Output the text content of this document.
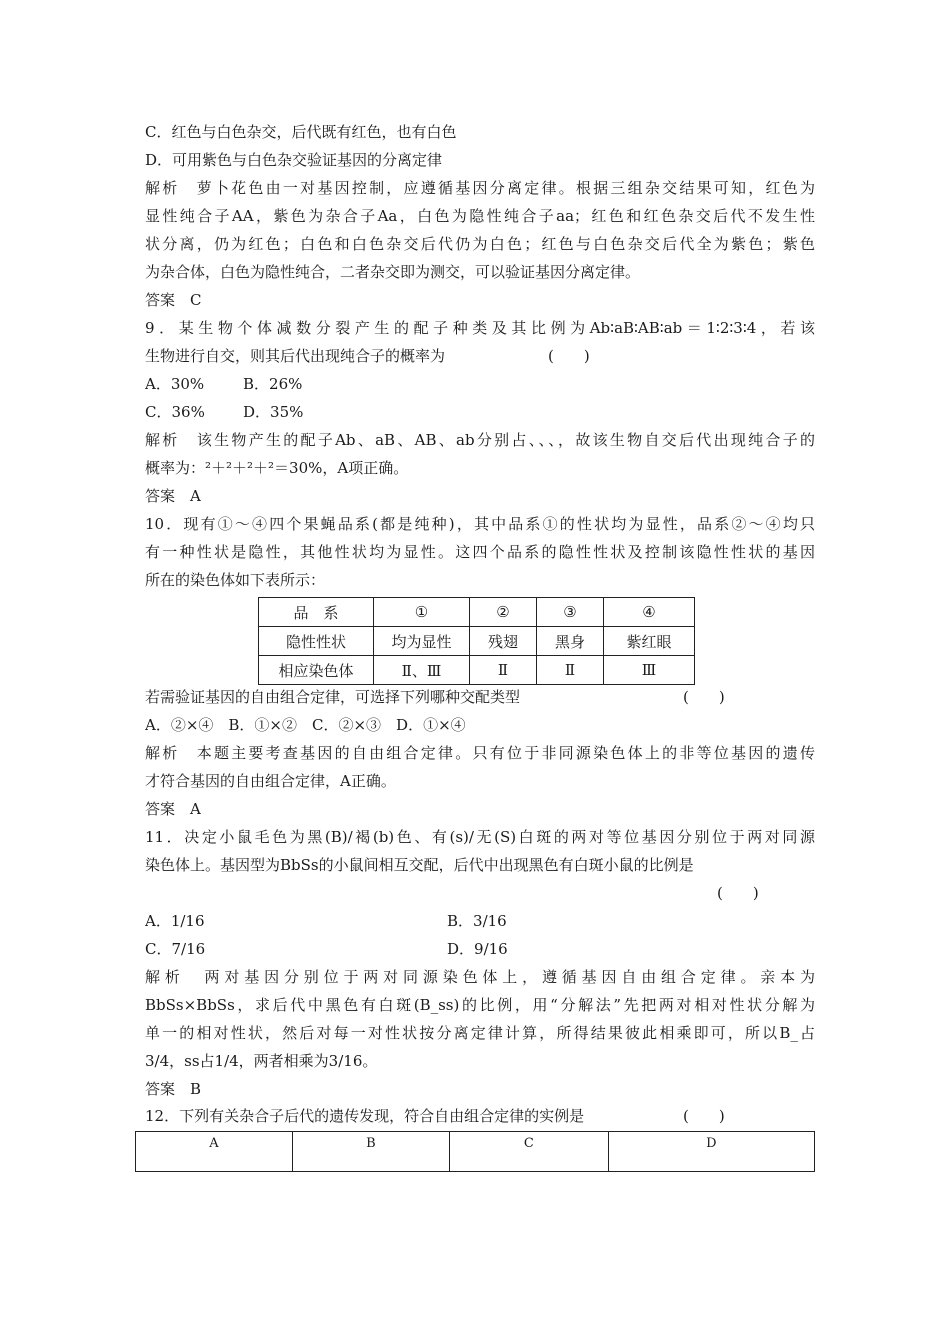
C．红色与白色杂交，后代既有红色，也有白色
D．可用紫色与白色杂交验证基因的分离定律
解析　萝卜花色由一对基因控制，应遵循基因分离定律。根据三组杂交结果可知，红色为
显性纯合子AA，紫色为杂合子Aa，白色为隐性纯合子aa；红色和红色杂交后代不发生性
状分离，仍为红色；白色和白色杂交后代仍为白色；红色与白色杂交后代全为紫色；紫色
为杂合体，白色为隐性纯合，二者杂交即为测交，可以验证基因分离定律。
答案　C
9．某生物个体减数分裂产生的配子种类及其比例为Ab∶aB∶AB∶ab＝1∶2∶3∶4，若该
生物进行自交，则其后代出现纯合子的概率为	(　　)
A．30%	B．26%
C．36%	D．35%
解析　该生物产生的配子Ab、aB、AB、ab分别占、、、，故该生物自交后代出现纯合子的
概率为：²＋²＋²＋²＝30%，A项正确。
答案　A
10．现有①～④四个果蝇品系(都是纯种)，其中品系①的性状均为显性，品系②～④均只
有一种性状是隐性，其他性状均为显性。这四个品系的隐性性状及控制该隐性性状的基因
所在的染色体如下表所示：
品　系	①	②	③	④
隐性性状	均为显性	残翅	黑身	紫红眼
相应染色体	Ⅱ、Ⅲ	Ⅱ	Ⅱ	Ⅲ
若需验证基因的自由组合定律，可选择下列哪种交配类型	(　　)
A．②×④　B．①×②　C．②×③　D．①×④
解析　本题主要考查基因的自由组合定律。只有位于非同源染色体上的非等位基因的遗传
才符合基因的自由组合定律，A正确。
答案　A
11．决定小鼠毛色为黑(B)/褐(b)色、有(s)/无(S)白斑的两对等位基因分别位于两对同源
染色体上。基因型为BbSs的小鼠间相互交配，后代中出现黑色有白斑小鼠的比例是
(　　)
A．1/16	B．3/16
C．7/16	D．9/16
解析　两对基因分别位于两对同源染色体上，遵循基因自由组合定律。亲本为
BbSs×BbSs，求后代中黑色有白斑(B_ss)的比例，用“分解法”先把两对相对性状分解为
单一的相对性状，然后对每一对性状按分离定律计算，所得结果彼此相乘即可，所以B_占
3/4，ss占1/4，两者相乘为3/16。
答案　B
12．下列有关杂合子后代的遗传发现，符合自由组合定律的实例是	(　　)
A	B	C	D
